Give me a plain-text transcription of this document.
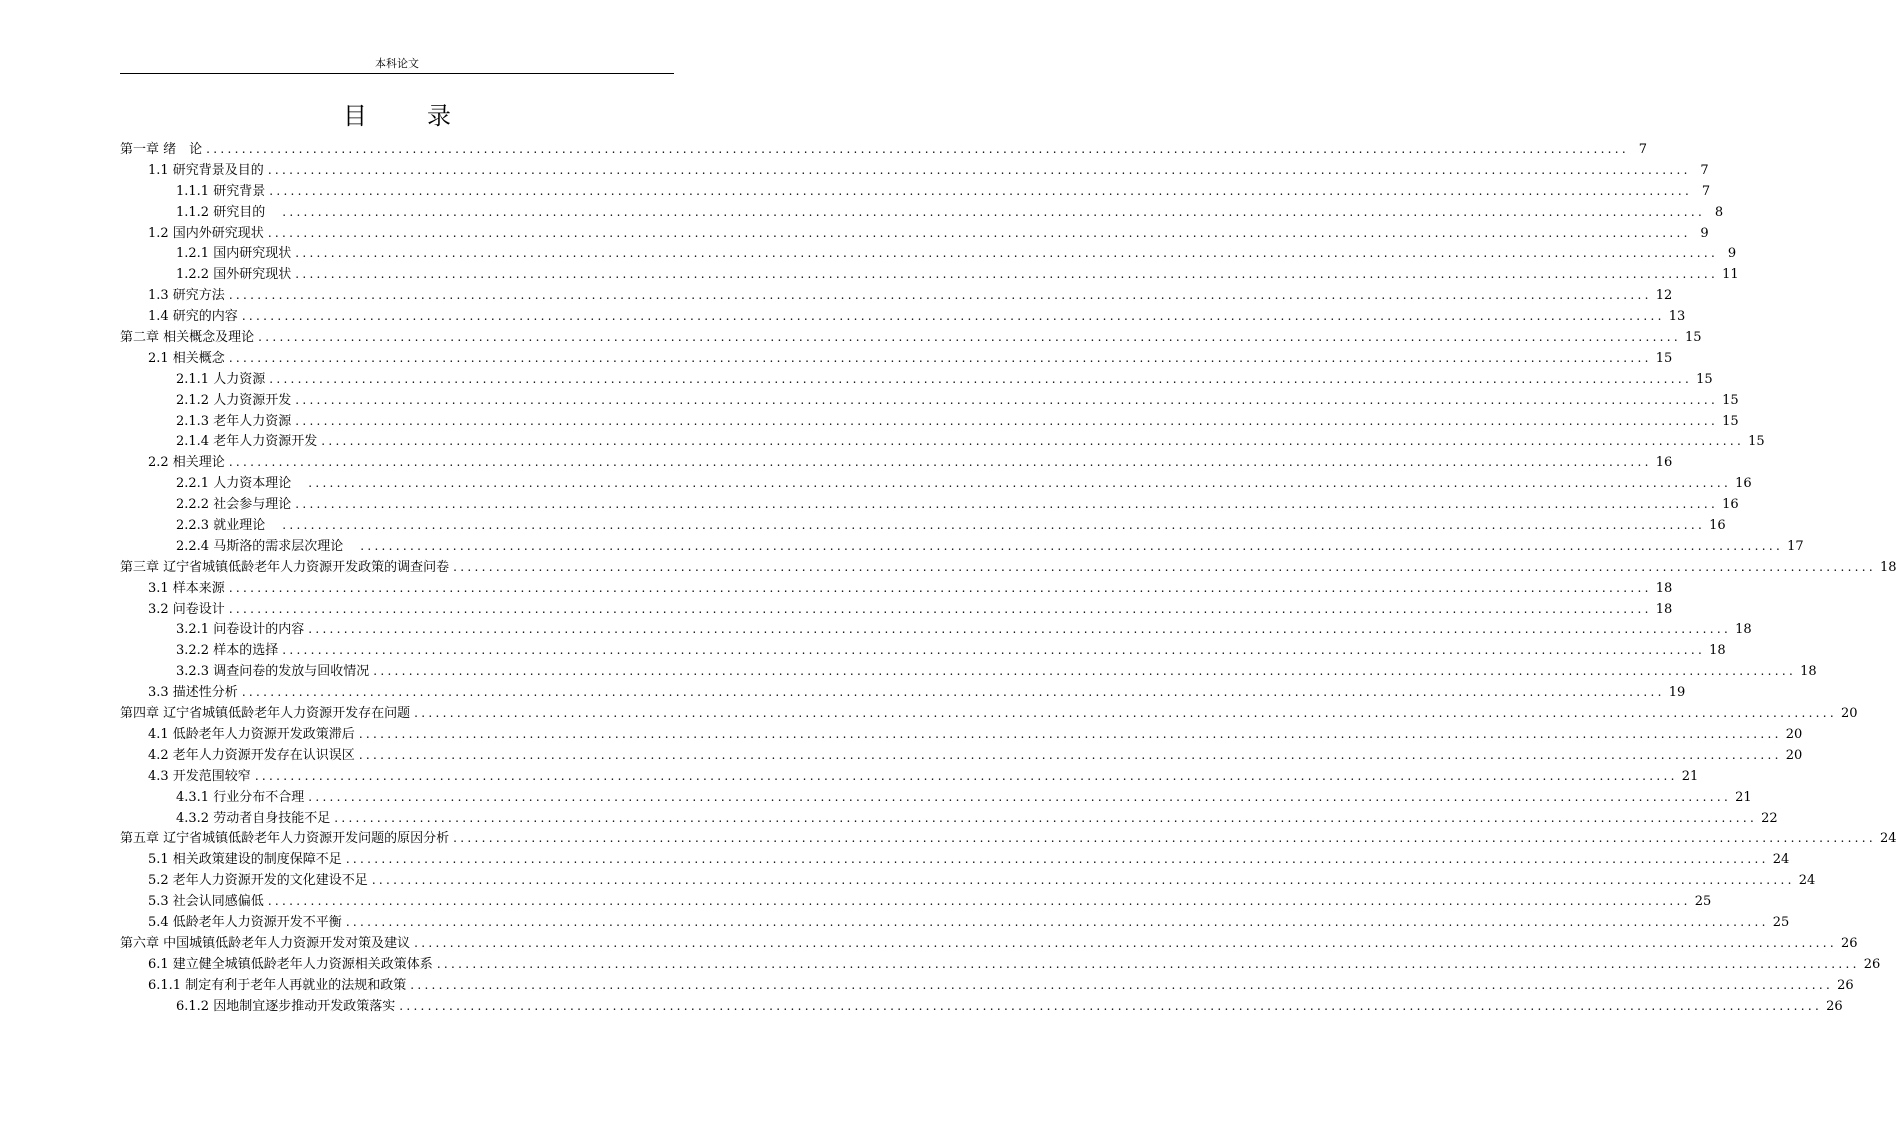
本科论文
目　录
第一章 绪　论 ........................................................................................................................................................................................................ 7
1.1 研究背景及目的 ........................................................................................................................................................................................................ 7
1.1.1 研究背景 ........................................................................................................................................................................................................ 7
1.1.2 研究目的　 ........................................................................................................................................................................................................ 8
1.2 国内外研究现状 ........................................................................................................................................................................................................ 9
1.2.1 国内研究现状 ........................................................................................................................................................................................................ 9
1.2.2 国外研究现状 ........................................................................................................................................................................................................ 11
1.3 研究方法 ........................................................................................................................................................................................................ 12
1.4 研究的内容 ........................................................................................................................................................................................................ 13
第二章 相关概念及理论 ........................................................................................................................................................................................................ 15
2.1 相关概念 ........................................................................................................................................................................................................ 15
2.1.1 人力资源 ........................................................................................................................................................................................................ 15
2.1.2 人力资源开发 ........................................................................................................................................................................................................ 15
2.1.3 老年人力资源 ........................................................................................................................................................................................................ 15
2.1.4 老年人力资源开发 ........................................................................................................................................................................................................ 15
2.2 相关理论 ........................................................................................................................................................................................................ 16
2.2.1 人力资本理论　 ........................................................................................................................................................................................................ 16
2.2.2 社会参与理论 ........................................................................................................................................................................................................ 16
2.2.3 就业理论　 ........................................................................................................................................................................................................ 16
2.2.4 马斯洛的需求层次理论　 ........................................................................................................................................................................................................ 17
第三章 辽宁省城镇低龄老年人力资源开发政策的调查问卷 ........................................................................................................................................................................................................ 18
3.1 样本来源 ........................................................................................................................................................................................................ 18
3.2 问卷设计 ........................................................................................................................................................................................................ 18
3.2.1 问卷设计的内容 ........................................................................................................................................................................................................ 18
3.2.2 样本的选择 ........................................................................................................................................................................................................ 18
3.2.3 调查问卷的发放与回收情况 ........................................................................................................................................................................................................ 18
3.3 描述性分析 ........................................................................................................................................................................................................ 19
第四章 辽宁省城镇低龄老年人力资源开发存在问题 ........................................................................................................................................................................................................ 20
4.1 低龄老年人力资源开发政策滞后 ........................................................................................................................................................................................................ 20
4.2 老年人力资源开发存在认识误区 ........................................................................................................................................................................................................ 20
4.3 开发范围较窄 ........................................................................................................................................................................................................ 21
4.3.1 行业分布不合理 ........................................................................................................................................................................................................ 21
4.3.2 劳动者自身技能不足 ........................................................................................................................................................................................................ 22
第五章 辽宁省城镇低龄老年人力资源开发问题的原因分析 ........................................................................................................................................................................................................ 24
5.1 相关政策建设的制度保障不足 ........................................................................................................................................................................................................ 24
5.2 老年人力资源开发的文化建设不足 ........................................................................................................................................................................................................ 24
5.3 社会认同感偏低 ........................................................................................................................................................................................................ 25
5.4 低龄老年人力资源开发不平衡 ........................................................................................................................................................................................................ 25
第六章 中国城镇低龄老年人力资源开发对策及建议 ........................................................................................................................................................................................................ 26
6.1 建立健全城镇低龄老年人力资源相关政策体系 ........................................................................................................................................................................................................ 26
6.1.1 制定有利于老年人再就业的法规和政策 ........................................................................................................................................................................................................ 26
6.1.2 因地制宜逐步推动开发政策落实 ........................................................................................................................................................................................................ 26
